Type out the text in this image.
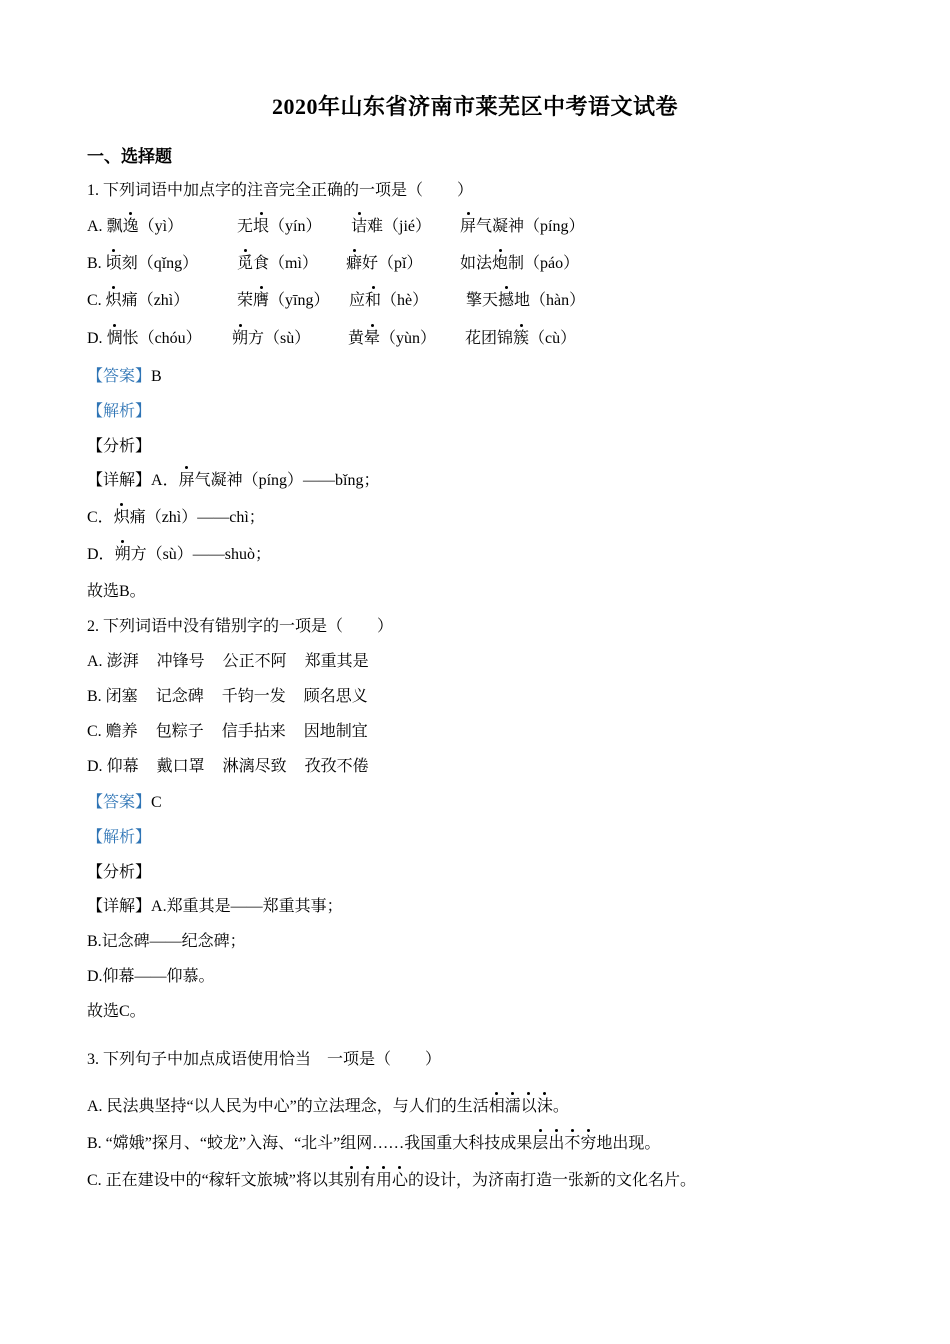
2020年山东省济南市莱芜区中考语文试卷
一、选择题
1. 下列词语中加点字的注音完全正确的一项是（ ）
A. 飘逸（yì）	无垠（yín） 诘难（jié） 屏气凝神（píng）
B. 顷刻（qǐng） 觅食（mì） 癖好（pǐ） 如法炮制（páo）
C. 炽痛（zhì）	荣膺（yīng） 应和（hè） 擎天撼地（hàn）
D. 惆怅（chóu） 朔方（sù） 黄晕（yùn） 花团锦簇（cù）
【答案】B
【解析】
【分析】
【详解】A．屏气凝神（píng）——bǐng；
C．炽痛（zhì）——chì；
D．朔方（sù）——shuò；
故选B。
2. 下列词语中没有错别字的一项是（ ）
A. 澎湃 冲锋号 公正不阿 郑重其是
B. 闭塞 记念碑 千钧一发 顾名思义
C. 赡养 包粽子 信手拈来 因地制宜
D. 仰幕 戴口罩 淋漓尽致 孜孜不倦
【答案】C
【解析】
【分析】
【详解】A.郑重其是——郑重其事；
B.记念碑——纪念碑；
D.仰幕——仰慕。
故选C。
3. 下列句子中加点成语使用恰当 一项是（ ）
A. 民法典坚持“以人民为中心”的立法理念，与人们的生活相濡以沫。
B. “嫦娥”探月、“蛟龙”入海、“北斗”组网……我国重大科技成果层出不穷地出现。
C. 正在建设中的“稼轩文旅城”将以其别有用心的设计，为济南打造一张新的文化名片。
